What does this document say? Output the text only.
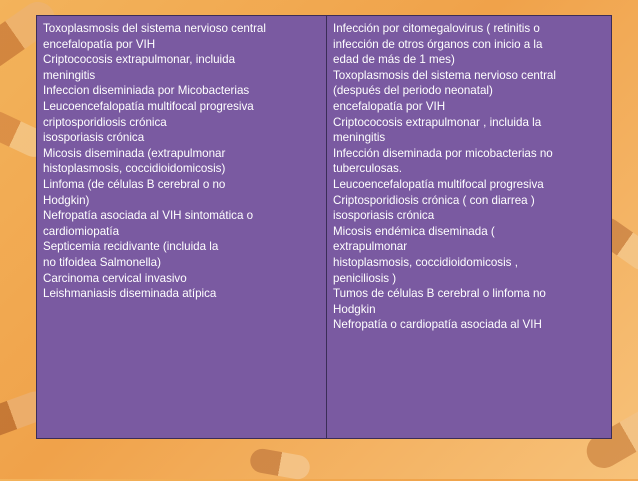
Toxoplasmosis del sistema nervioso central
encefalopatía por VIH
Criptococosis extrapulmonar, incluida
meningitis
Infeccion diseminiada por Micobacterias
Leucoencefalopatía multifocal progresiva
criptosporidiosis crónica
isosporiasis crónica
Micosis diseminada (extrapulmonar
histoplasmosis, coccidioidomicosis)
Linfoma (de células B cerebral o no
Hodgkin)
Nefropatía asociada al VIH sintomática o
cardiomiopatía
Septicemia recidivante (incluida la
no tifoidea Salmonella)
Carcinoma cervical invasivo
Leishmaniasis diseminada atípica
Infección por citomegalovirus ( retinitis o
infección de otros órganos con inicio a la
edad de más de 1 mes)
Toxoplasmosis del sistema nervioso central
(después del periodo neonatal)
encefalopatía por VIH
Criptococosis extrapulmonar , incluida la
meningitis
Infección diseminada por micobacterias no
tuberculosas.
Leucoencefalopatía multifocal progresiva
Criptosporidiosis crónica ( con diarrea )
isosporiasis crónica
Micosis endémica diseminada (
extrapulmonar
histoplasmosis, coccidioidomicosis ,
peniciliosis )
Tumos de células B cerebral o linfoma no
Hodgkin
Nefropatía o cardiopatía asociada al VIH
